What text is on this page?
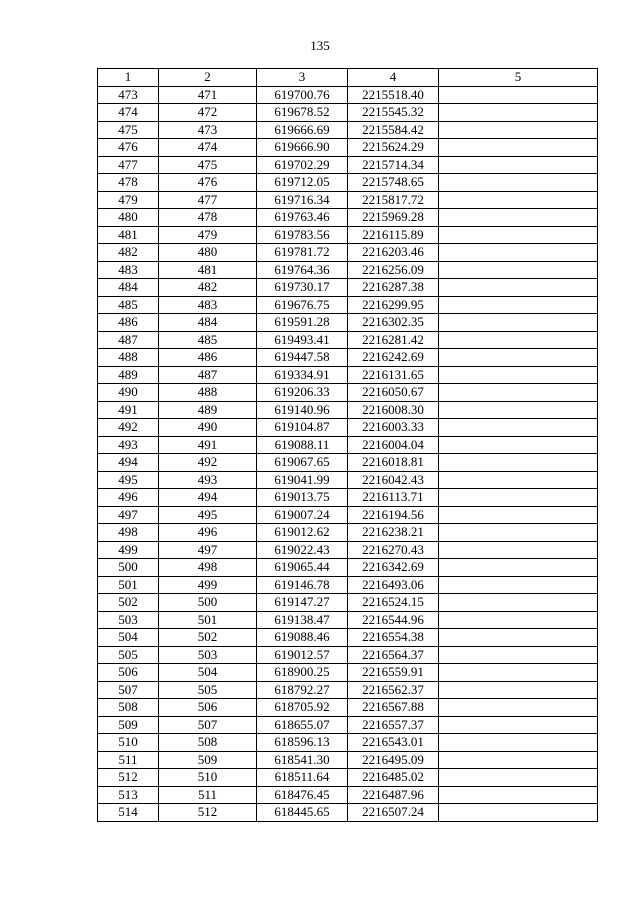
135
1	2	3	4	5
473	471	619700.76	2215518.40	
474	472	619678.52	2215545.32	
475	473	619666.69	2215584.42	
476	474	619666.90	2215624.29	
477	475	619702.29	2215714.34	
478	476	619712.05	2215748.65	
479	477	619716.34	2215817.72	
480	478	619763.46	2215969.28	
481	479	619783.56	2216115.89	
482	480	619781.72	2216203.46	
483	481	619764.36	2216256.09	
484	482	619730.17	2216287.38	
485	483	619676.75	2216299.95	
486	484	619591.28	2216302.35	
487	485	619493.41	2216281.42	
488	486	619447.58	2216242.69	
489	487	619334.91	2216131.65	
490	488	619206.33	2216050.67	
491	489	619140.96	2216008.30	
492	490	619104.87	2216003.33	
493	491	619088.11	2216004.04	
494	492	619067.65	2216018.81	
495	493	619041.99	2216042.43	
496	494	619013.75	2216113.71	
497	495	619007.24	2216194.56	
498	496	619012.62	2216238.21	
499	497	619022.43	2216270.43	
500	498	619065.44	2216342.69	
501	499	619146.78	2216493.06	
502	500	619147.27	2216524.15	
503	501	619138.47	2216544.96	
504	502	619088.46	2216554.38	
505	503	619012.57	2216564.37	
506	504	618900.25	2216559.91	
507	505	618792.27	2216562.37	
508	506	618705.92	2216567.88	
509	507	618655.07	2216557.37	
510	508	618596.13	2216543.01	
511	509	618541.30	2216495.09	
512	510	618511.64	2216485.02	
513	511	618476.45	2216487.96	
514	512	618445.65	2216507.24	
